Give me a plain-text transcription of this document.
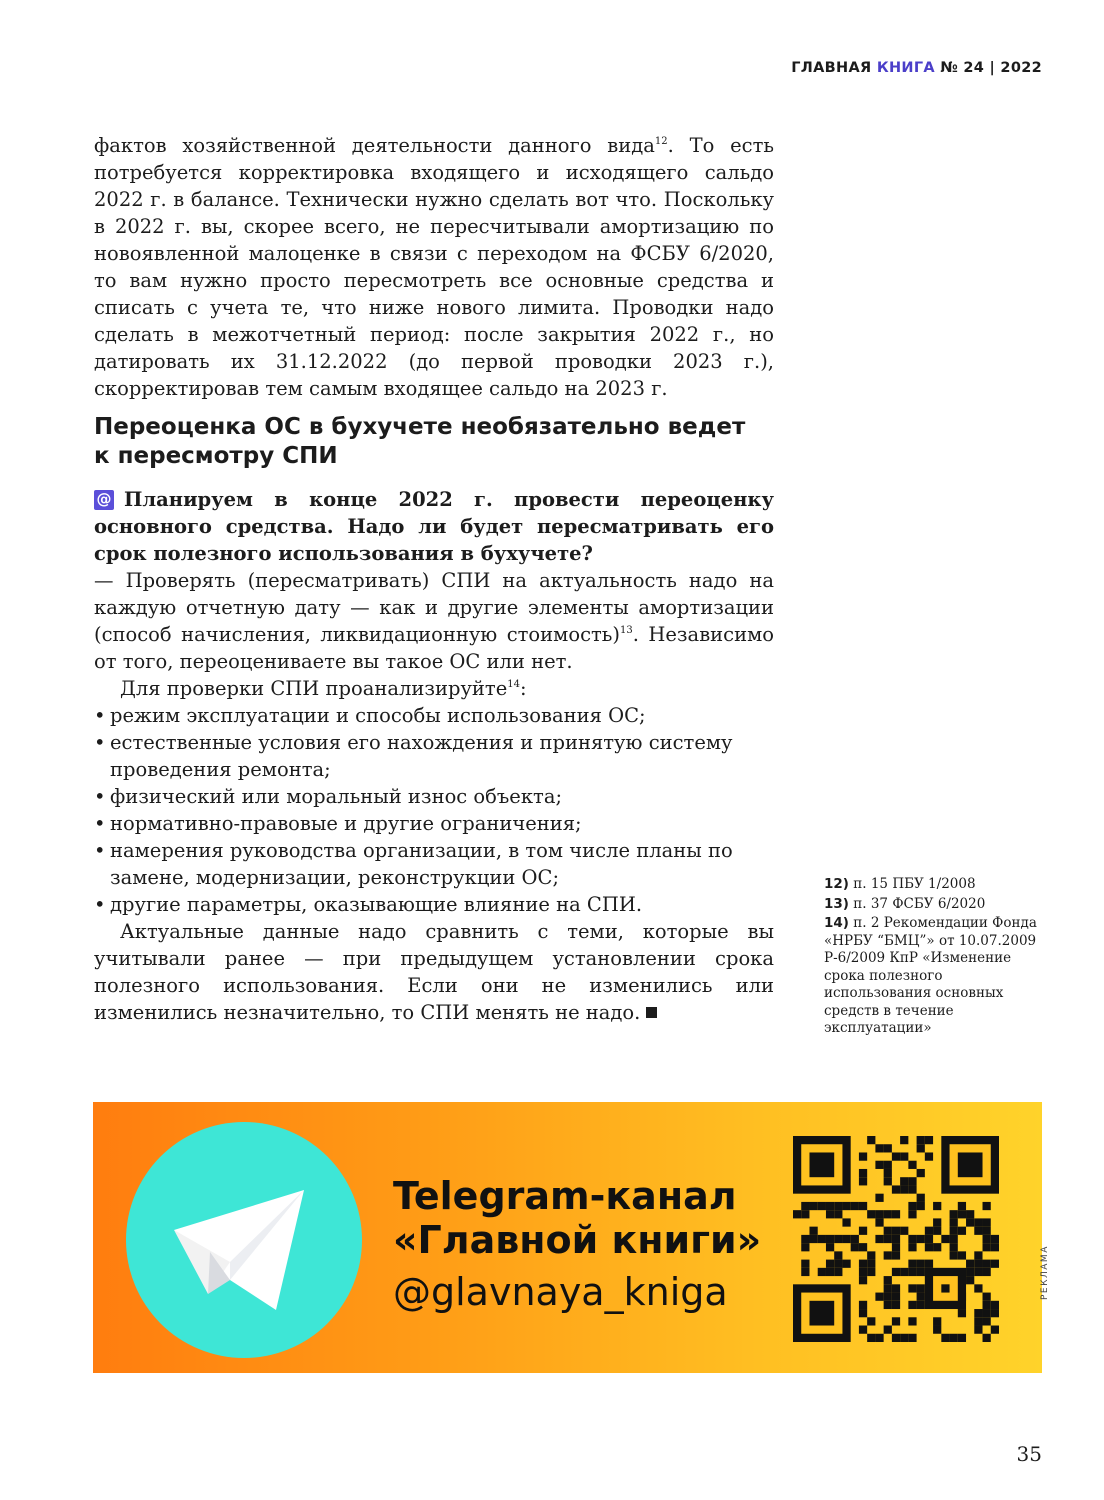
ГЛАВНАЯ КНИГА № 24 | 2022

фактов хозяйственной деятельности данного вида$^{12}$. То есть потребуется корректировка входящего и исходящего сальдо 2022 г. в балансе. Технически нужно сделать вот что. Поскольку в 2022 г. вы, скорее всего, не пересчитывали амортизацию по новоявленной малоценке в связи с переходом на ФСБУ 6/2020, то вам нужно просто пересмотреть все основные средства и списать с учета те, что ниже нового лимита. Проводки надо сделать в межотчетный период: после закрытия 2022 г., но датировать их 31.12.2022 (до первой проводки 2023 г.), скорректировав тем самым входящее сальдо на 2023 г.

Переоценка ОС в бухучете необязательно ведет к пересмотру СПИ

@ Планируем в конце 2022 г. провести переоценку основного средства. Надо ли будет пересматривать его срок полезного использования в бухучете?

— Проверять (пересматривать) СПИ на актуальность надо на каждую отчетную дату — как и другие элементы амортизации (способ начисления, ликвидационную стоимость)$^{13}$. Независимо от того, переоцениваете вы такое ОС или нет.

Для проверки СПИ проанализируйте$^{14}$:

• режим эксплуатации и способы использования ОС;
• естественные условия его нахождения и принятую систему проведения ремонта;
• физический или моральный износ объекта;
• нормативно-правовые и другие ограничения;
• намерения руководства организации, в том числе планы по замене, модернизации, реконструкции ОС;
• другие параметры, оказывающие влияние на СПИ.

Актуальные данные надо сравнить с теми, которые вы учитывали ранее — при предыдущем установлении срока полезного использования. Если они не изменились или изменились незначительно, то СПИ менять не надо.

12) п. 15 ПБУ 1/2008

13) п. 37 ФСБУ 6/2020

14) п. 2 Рекомендации Фонда «НРБУ “БМЦ”» от 10.07.2009 Р-6/2009 КпР «Изменение срока полезного использования основных средств в течение эксплуатации»

Telegram-канал
«Главной книги»
@glavnaya_kniga	РЕКЛАМА
35
